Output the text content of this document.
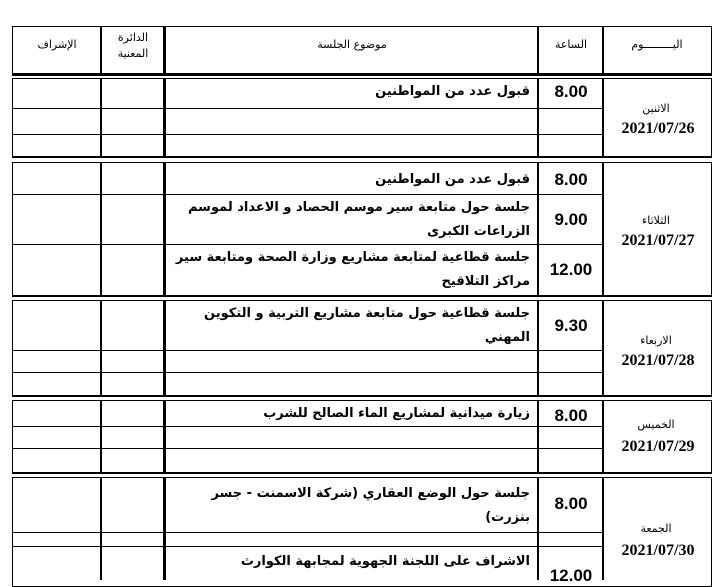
الإشراف
الدائرة المعنية
موضوع الجلسة	الساعة	اليـــــــــوم
الاثنين
2021/07/26
8.00
قبول عدد من المواطنين
الثلاثاء
2021/07/27
8.00
قبول عدد من المواطنين
9.00
جلسة حول متابعة سير موسم الحصاد و الاعداد لموسم الزراعات الكبرى
12.00
جلسة قطاعية لمتابعة مشاريع وزارة الصحة ومتابعة سير مراكز التلاقيح
الاربعاء
2021/07/28
9.30
جلسة قطاعية حول متابعة مشاريع التربية و التكوين المهني
الخميس
2021/07/29
8.00
زيارة ميدانية لمشاريع الماء الصالح للشرب
الجمعة
2021/07/30
8.00
جلسة حول الوضع العقاري (شركة الاسمنت - جسر بنزرت)
12.00
الاشراف على اللجنة الجهوية لمجابهة الكوارث
